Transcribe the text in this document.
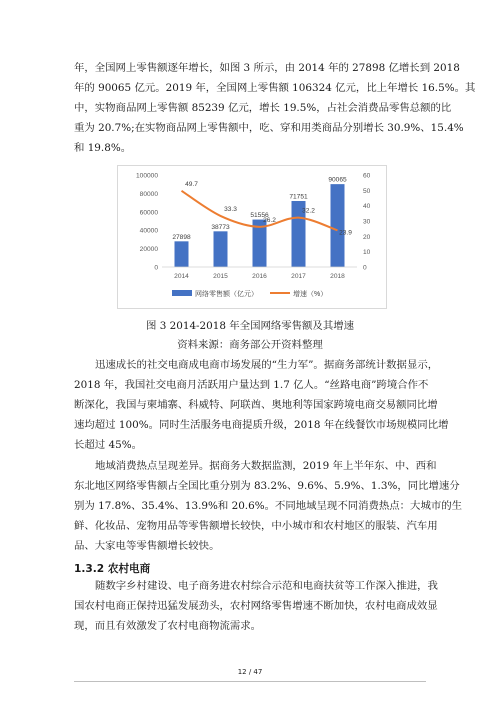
年，全国网上零售额逐年增长，如图 3 所示，由 2014 年的 27898 亿增长到 2018
年的 90065 亿元。2019 年，全国网上零售额 106324 亿元，比上年增长 16.5%。其
中，实物商品网上零售额 85239 亿元，增长 19.5%，占社会消费品零售总额的比
重为 20.7%;在实物商品网上零售额中，吃、穿和用类商品分别增长 30.9%、15.4%
和 19.8%。

0
20000
40000
60000
80000
100000
0
10
20
30
40
50
60
27898
38773
51556
71751
90065
49.7
33.3
26.2
32.2
23.9
2014	2015	2016	2017	2018
网络零售额（亿元）	增速（%）

图 3 2014-2018 年全国网络零售额及其增速

资料来源：商务部公开资料整理

迅速成长的社交电商成电商市场发展的“生力军”。据商务部统计数据显示，
2018 年，我国社交电商月活跃用户量达到 1.7 亿人。“丝路电商”跨境合作不
断深化，我国与柬埔寨、科威特、阿联酋、奥地利等国家跨境电商交易额同比增
速均超过 100%。同时生活服务电商提质升级，2018 年在线餐饮市场规模同比增
长超过 45%。

地域消费热点呈现差异。据商务大数据监测，2019 年上半年东、中、西和
东北地区网络零售额占全国比重分别为 83.2%、9.6%、5.9%、1.3%，同比增速分
别为 17.8%、35.4%、13.9%和 20.6%。不同地域呈现不同消费热点：大城市的生
鲜、化妆品、宠物用品等零售额增长较快，中小城市和农村地区的服装、汽车用
品、大家电等零售额增长较快。

1.3.2 农村电商

随数字乡村建设、电子商务进农村综合示范和电商扶贫等工作深入推进，我
国农村电商正保持迅猛发展劲头，农村网络零售增速不断加快，农村电商成效显
现，而且有效激发了农村电商物流需求。

12 / 47
